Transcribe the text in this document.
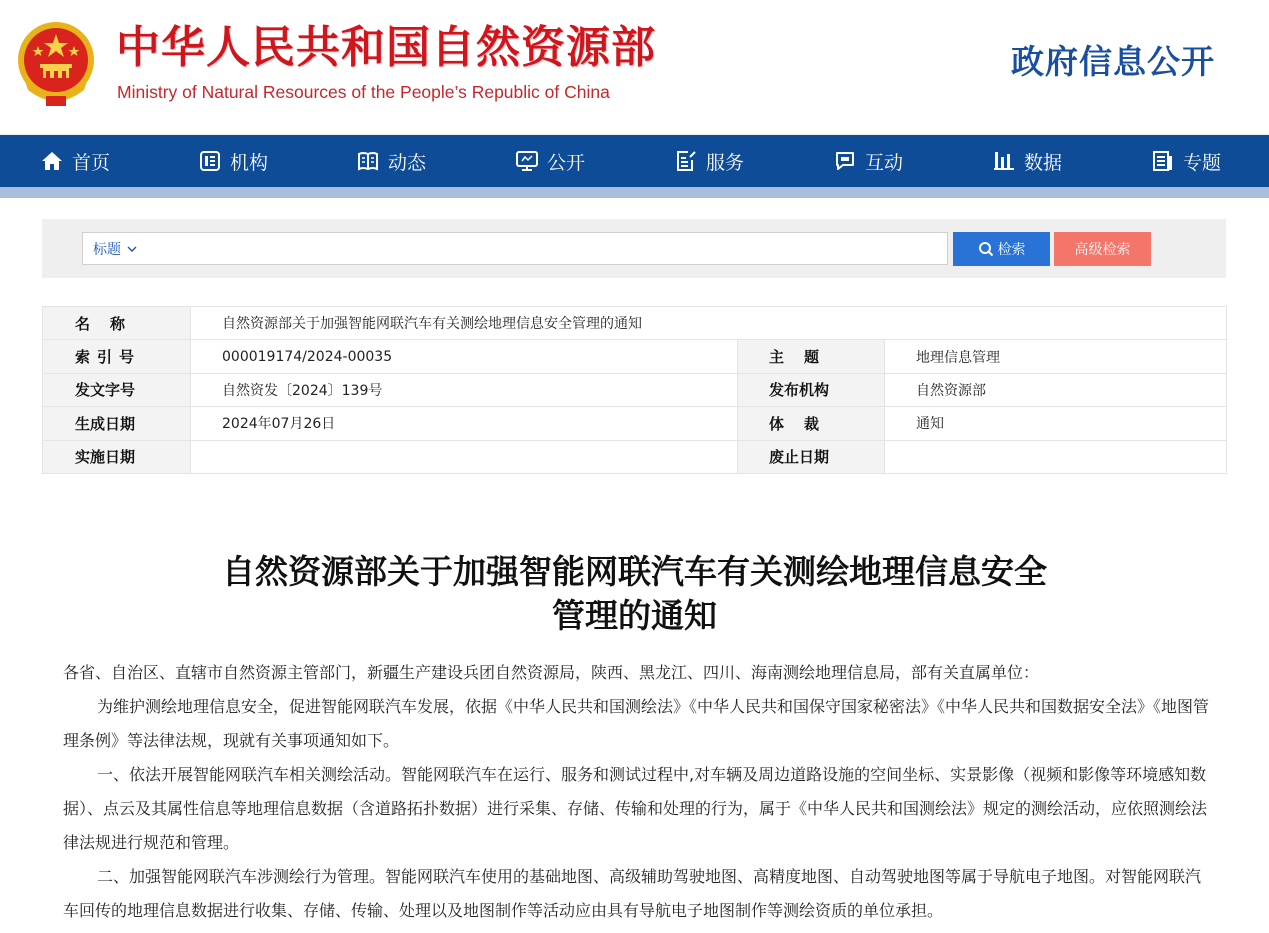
中华人民共和国自然资源部
Ministry of Natural Resources of the People’s Republic of China
政府信息公开
首页	机构	动态	公开	服务	互动	数据	专题
标题	检索	高级检索
名称	自然资源部关于加强智能网联汽车有关测绘地理信息安全管理的通知		
索引号	000019174/2024-00035	主题	地理信息管理
发文字号	自然资发〔2024〕139号	发布机构	自然资源部
生成日期	2024年07月26日	体裁	通知
实施日期		废止日期	
自然资源部关于加强智能网联汽车有关测绘地理信息安全
管理的通知

各省、自治区、直辖市自然资源主管部门，新疆生产建设兵团自然资源局，陕西、黑龙江、四川、海南测绘地理信息局，部有关直属单位：

为维护测绘地理信息安全，促进智能网联汽车发展，依据《中华人民共和国测绘法》《中华人民共和国保守国家秘密法》《中华人民共和国数据安全法》《地图管理条例》等法律法规，现就有关事项通知如下。

一、依法开展智能网联汽车相关测绘活动。智能网联汽车在运行、服务和测试过程中,对车辆及周边道路设施的空间坐标、实景影像（视频和影像等环境感知数据）、点云及其属性信息等地理信息数据（含道路拓扑数据）进行采集、存储、传输和处理的行为，属于《中华人民共和国测绘法》规定的测绘活动，应依照测绘法律法规进行规范和管理。

二、加强智能网联汽车涉测绘行为管理。智能网联汽车使用的基础地图、高级辅助驾驶地图、高精度地图、自动驾驶地图等属于导航电子地图。对智能网联汽车回传的地理信息数据进行收集、存储、传输、处理以及地图制作等活动应由具有导航电子地图制作等测绘资质的单位承担。
